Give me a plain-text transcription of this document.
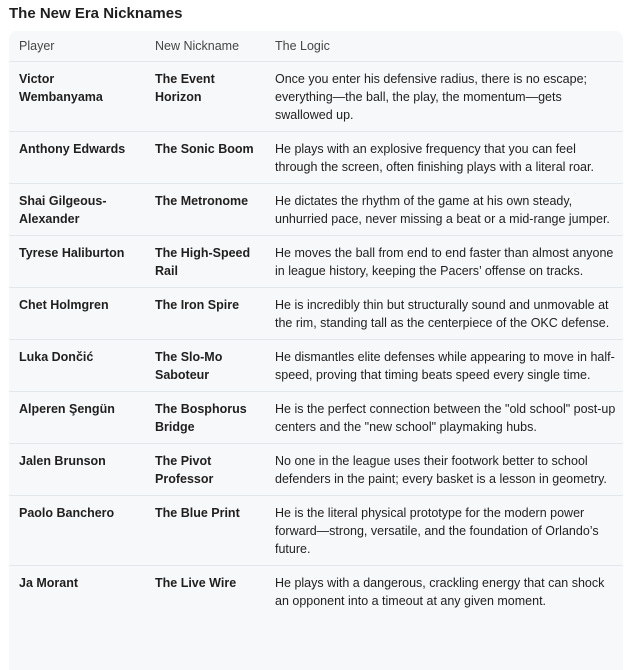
The New Era Nicknames
Player	New Nickname	The Logic
Victor Wembanyama	The Event Horizon	Once you enter his defensive radius, there is no escape; everything—the ball, the play, the momentum—gets swallowed up.
Anthony Edwards	The Sonic Boom	He plays with an explosive frequency that you can feel through the screen, often finishing plays with a literal roar.
Shai Gilgeous-Alexander	The Metronome	He dictates the rhythm of the game at his own steady, unhurried pace, never missing a beat or a mid-range jumper.
Tyrese Haliburton	The High-Speed Rail	He moves the ball from end to end faster than almost anyone in league history, keeping the Pacers’ offense on tracks.
Chet Holmgren	The Iron Spire	He is incredibly thin but structurally sound and unmovable at the rim, standing tall as the centerpiece of the OKC defense.
Luka Dončić	The Slo-Mo Saboteur	He dismantles elite defenses while appearing to move in half-speed, proving that timing beats speed every single time.
Alperen Şengün	The Bosphorus Bridge	He is the perfect connection between the "old school" post-up centers and the "new school" playmaking hubs.
Jalen Brunson	The Pivot Professor	No one in the league uses their footwork better to school defenders in the paint; every basket is a lesson in geometry.
Paolo Banchero	The Blue Print	He is the literal physical prototype for the modern power forward—strong, versatile, and the foundation of Orlando’s future.
Ja Morant	The Live Wire	He plays with a dangerous, crackling energy that can shock an opponent into a timeout at any given moment.
